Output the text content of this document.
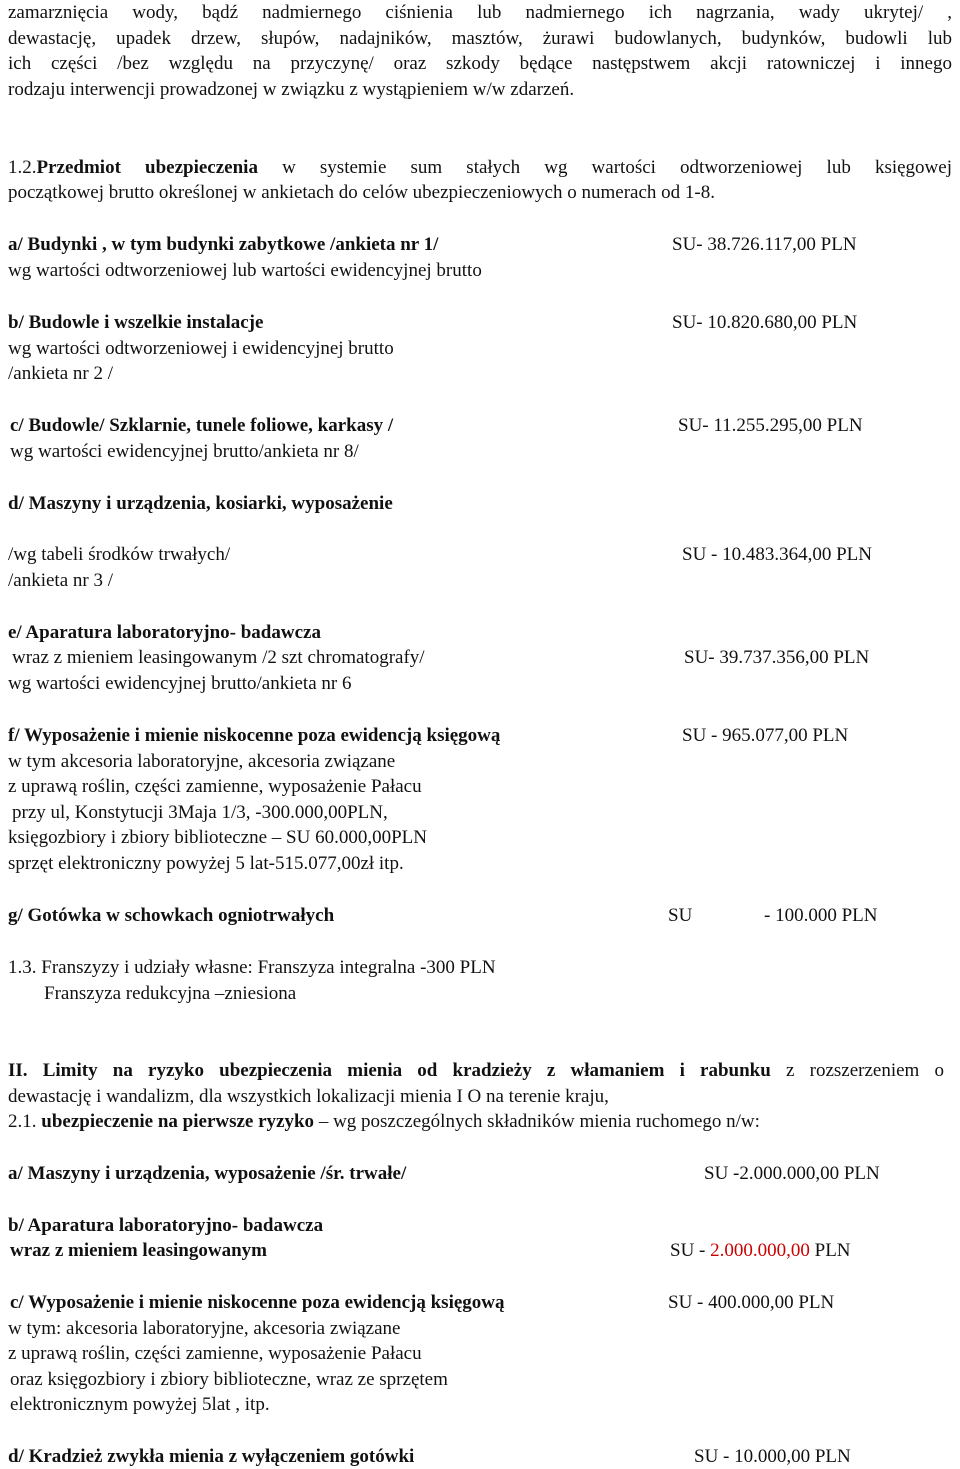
zamarznięcia wody, bądź nadmiernego ciśnienia lub nadmiernego ich nagrzania, wady ukrytej/ ,
dewastację, upadek drzew, słupów, nadajników, masztów, żurawi budowlanych, budynków, budowli lub
ich części /bez względu na przyczynę/ oraz szkody będące następstwem akcji ratowniczej i innego
rodzaju interwencji prowadzonej w związku z wystąpieniem w/w zdarzeń.
1.2.Przedmiot ubezpieczenia w systemie sum stałych wg wartości odtworzeniowej lub księgowej
początkowej brutto określonej w ankietach do celów ubezpieczeniowych o numerach od 1-8.
a/ Budynki , w tym budynki zabytkowe /ankieta nr 1/	SU- 38.726.117,00 PLN
wg wartości odtworzeniowej lub wartości ewidencyjnej brutto
b/ Budowle i wszelkie instalacje	SU- 10.820.680,00 PLN
wg wartości odtworzeniowej i ewidencyjnej brutto
/ankieta nr 2 /
c/ Budowle/ Szklarnie, tunele foliowe, karkasy /	SU- 11.255.295,00 PLN
wg wartości ewidencyjnej brutto/ankieta nr 8/
d/ Maszyny i urządzenia, kosiarki, wyposażenie
/wg tabeli środków trwałych/	SU - 10.483.364,00 PLN
/ankieta nr 3 /
e/ Aparatura laboratoryjno- badawcza
wraz z mieniem leasingowanym /2 szt chromatografy/	SU- 39.737.356,00 PLN
wg wartości ewidencyjnej brutto/ankieta nr 6
f/ Wyposażenie i mienie niskocenne poza ewidencją księgową	SU - 965.077,00 PLN
w tym akcesoria laboratoryjne, akcesoria związane
z uprawą roślin, części zamienne, wyposażenie Pałacu
przy ul, Konstytucji 3Maja 1/3, -300.000,00PLN,
księgozbiory i zbiory biblioteczne – SU 60.000,00PLN
sprzęt elektroniczny powyżej 5 lat-515.077,00zł itp.
g/ Gotówka w schowkach ogniotrwałych	SU	- 100.000 PLN
1.3. Franszyzy i udziały własne: Franszyza integralna -300 PLN
Franszyza redukcyjna –zniesiona
II. Limity na ryzyko ubezpieczenia mienia od kradzieży z włamaniem i rabunku z rozszerzeniem o
dewastację i wandalizm, dla wszystkich lokalizacji mienia I O na terenie kraju,
2.1. ubezpieczenie na pierwsze ryzyko – wg poszczególnych składników mienia ruchomego n/w:
a/ Maszyny i urządzenia, wyposażenie /śr. trwałe/	SU -2.000.000,00 PLN
b/ Aparatura laboratoryjno- badawcza
wraz z mieniem leasingowanym	SU - 2.000.000,00 PLN
c/ Wyposażenie i mienie niskocenne poza ewidencją księgową	SU - 400.000,00 PLN
w tym: akcesoria laboratoryjne, akcesoria związane
z uprawą roślin, części zamienne, wyposażenie Pałacu
oraz księgozbiory i zbiory biblioteczne, wraz ze sprzętem
elektronicznym powyżej 5lat , itp.
d/ Kradzież zwykła mienia z wyłączeniem gotówki	SU - 10.000,00 PLN
